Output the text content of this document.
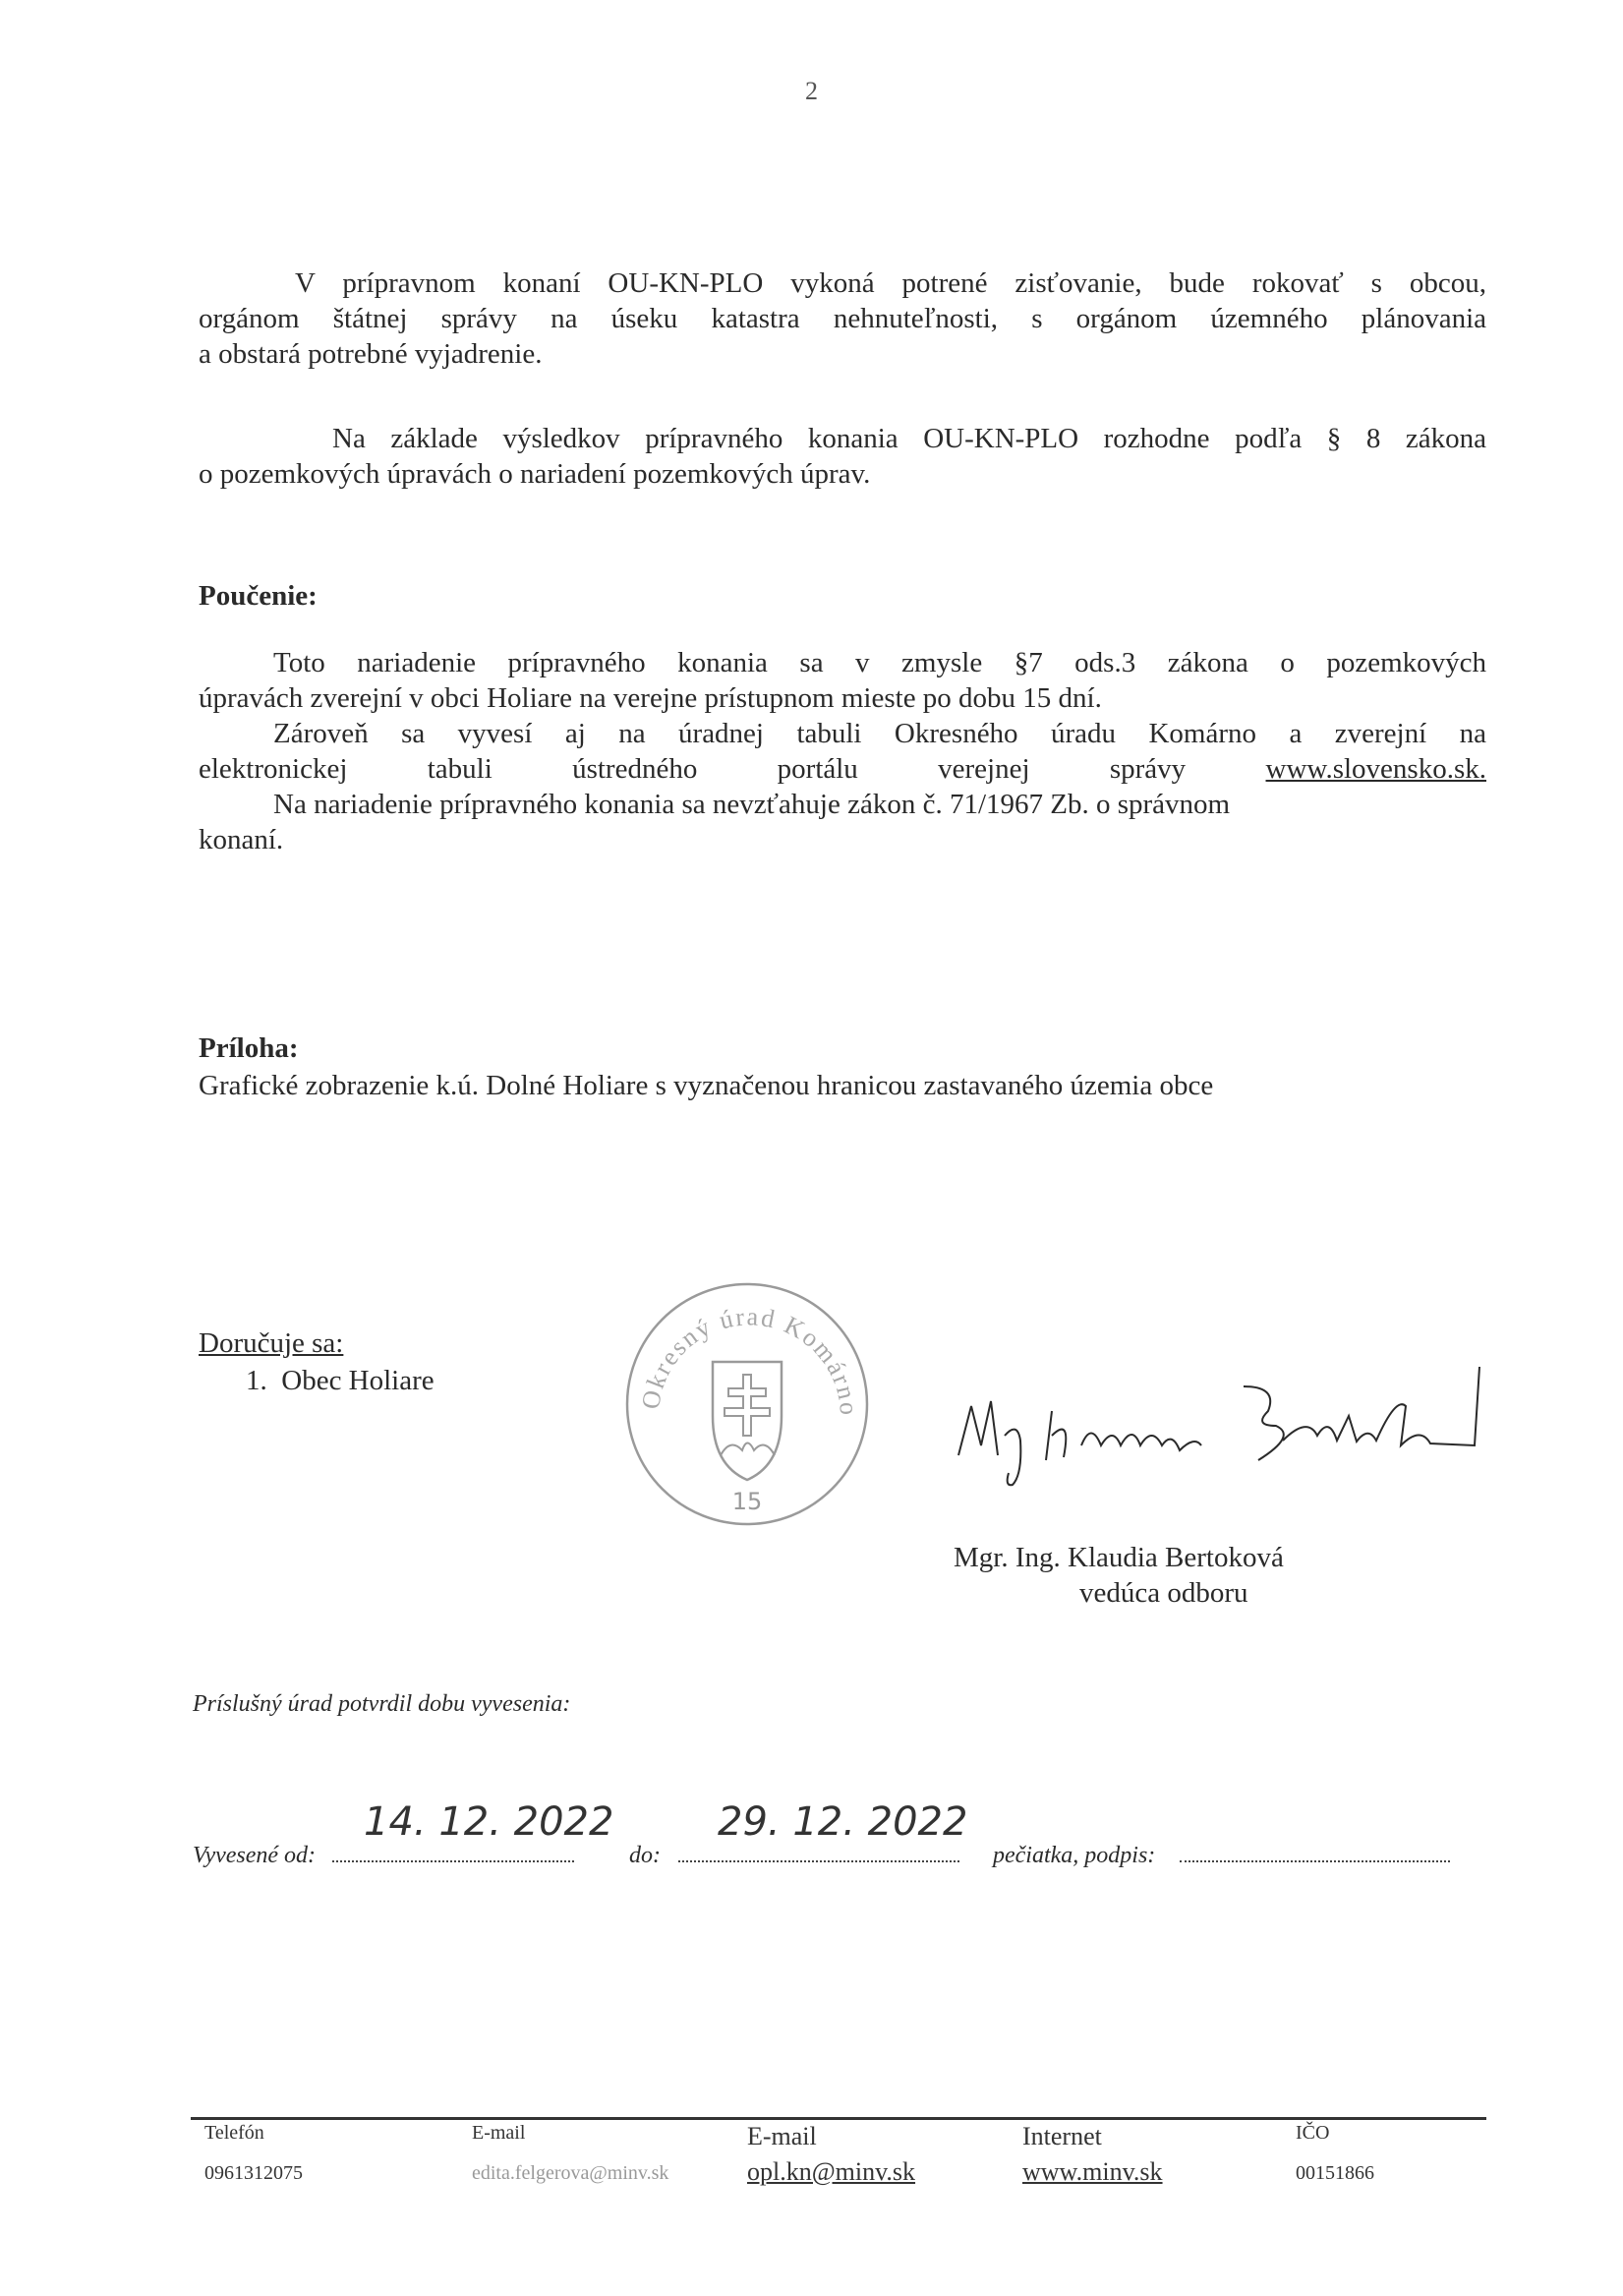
2
V prípravnom konaní OU-KN-PLO vykoná potrené zisťovanie, bude rokovať s obcou,
orgánom štátnej správy na úseku katastra nehnuteľnosti, s orgánom územného plánovania
a obstará potrebné vyjadrenie.
Na základe výsledkov prípravného konania OU-KN-PLO rozhodne podľa § 8 zákona
o pozemkových úpravách o nariadení pozemkových úprav.
Poučenie:
Toto nariadenie prípravného konania sa v zmysle §7 ods.3 zákona o pozemkových
úpravách zverejní v obci Holiare na verejne prístupnom mieste po dobu 15 dní.
Zároveň sa vyvesí aj na úradnej tabuli Okresného úradu Komárno a zverejní na
elektronickej tabuli ústredného portálu verejnej správy www.slovensko.sk.
Na nariadenie prípravného konania sa nevzťahuje zákon č. 71/1967 Zb. o správnom
konaní.
Príloha:
Grafické zobrazenie k.ú. Dolné Holiare s vyznačenou hranicou zastavaného územia obce
Doručuje sa:
1.  Obec Holiare
Okresný úrad Komárno
15
Mgr. Ing. Klaudia Bertoková
vedúca odboru
Príslušný úrad potvrdil dobu vyvesenia:
Vyvesené od:
14. 12. 2022
do:
29. 12. 2022
pečiatka, podpis:
Telefón
0961312075
E-mail
edita.felgerova@minv.sk
E-mail
opl.kn@minv.sk
Internet
www.minv.sk
IČO
00151866
